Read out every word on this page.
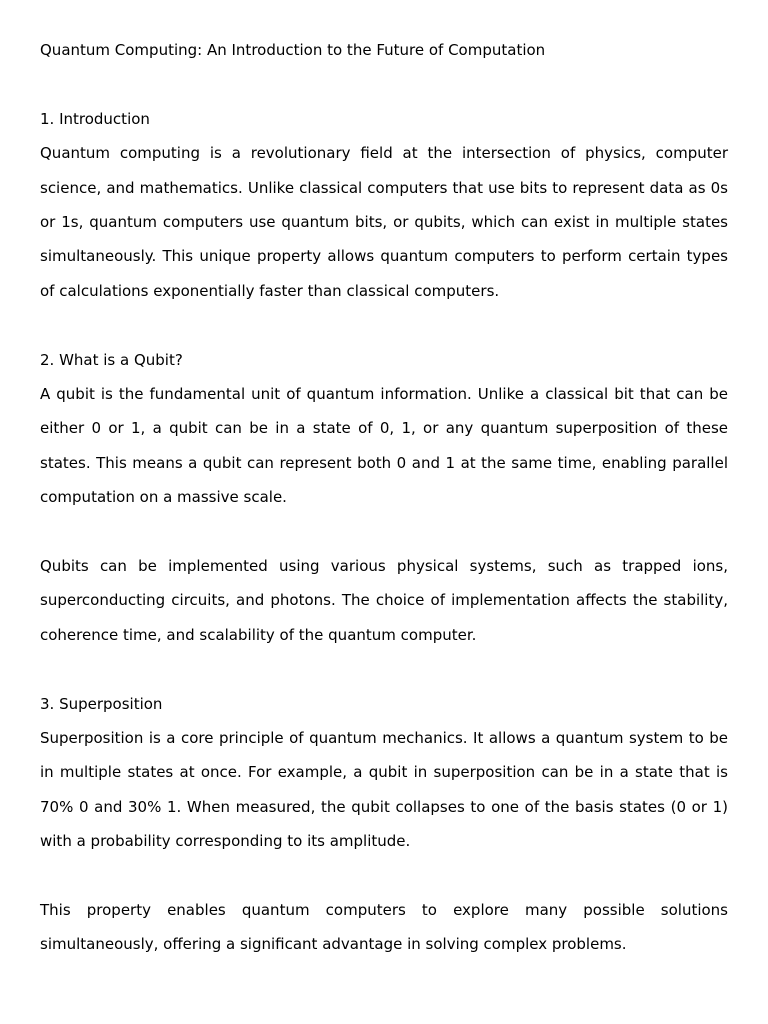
Quantum Computing: An Introduction to the Future of Computation
1. Introduction

Quantum computing is a revolutionary field at the intersection of physics, computer science, and mathematics. Unlike classical computers that use bits to represent data as 0s or 1s, quantum computers use quantum bits, or qubits, which can exist in multiple states simultaneously. This unique property allows quantum computers to perform certain types of calculations exponentially faster than classical computers.

2. What is a Qubit?

A qubit is the fundamental unit of quantum information. Unlike a classical bit that can be either 0 or 1, a qubit can be in a state of 0, 1, or any quantum superposition of these states. This means a qubit can represent both 0 and 1 at the same time, enabling parallel computation on a massive scale.

Qubits can be implemented using various physical systems, such as trapped ions, superconducting circuits, and photons. The choice of implementation affects the stability, coherence time, and scalability of the quantum computer.

3. Superposition

Superposition is a core principle of quantum mechanics. It allows a quantum system to be in multiple states at once. For example, a qubit in superposition can be in a state that is 70% 0 and 30% 1. When measured, the qubit collapses to one of the basis states (0 or 1) with a probability corresponding to its amplitude.

This property enables quantum computers to explore many possible solutions simultaneously, offering a significant advantage in solving complex problems.
